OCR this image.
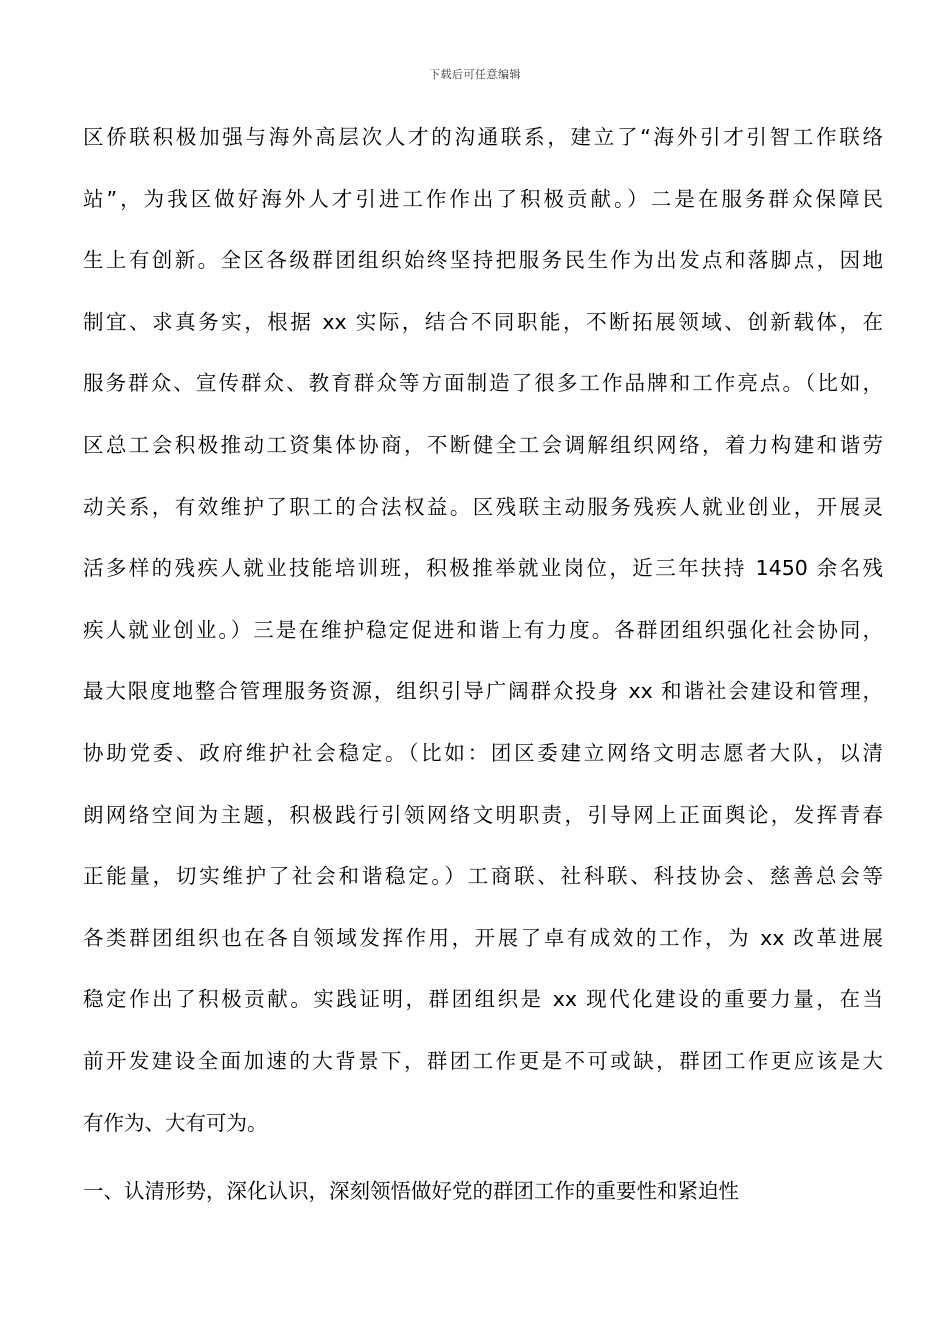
下载后可任意编辑
区侨联积极加强与海外高层次人才的沟通联系，建立了“海外引才引智工作联络
站”，为我区做好海外人才引进工作作出了积极贡献。）二是在服务群众保障民
生上有创新。全区各级群团组织始终坚持把服务民生作为出发点和落脚点，因地
制宜、求真务实，根据 xx 实际，结合不同职能，不断拓展领域、创新载体，在
服务群众、宣传群众、教育群众等方面制造了很多工作品牌和工作亮点。（比如，
区总工会积极推动工资集体协商，不断健全工会调解组织网络，着力构建和谐劳
动关系，有效维护了职工的合法权益。区残联主动服务残疾人就业创业，开展灵
活多样的残疾人就业技能培训班，积极推举就业岗位，近三年扶持 1450 余名残
疾人就业创业。）三是在维护稳定促进和谐上有力度。各群团组织强化社会协同，
最大限度地整合管理服务资源，组织引导广阔群众投身 xx 和谐社会建设和管理，
协助党委、政府维护社会稳定。（比如：团区委建立网络文明志愿者大队，以清
朗网络空间为主题，积极践行引领网络文明职责，引导网上正面舆论，发挥青春
正能量，切实维护了社会和谐稳定。）工商联、社科联、科技协会、慈善总会等
各类群团组织也在各自领域发挥作用，开展了卓有成效的工作，为 xx 改革进展
稳定作出了积极贡献。实践证明，群团组织是 xx 现代化建设的重要力量，在当
前开发建设全面加速的大背景下，群团工作更是不可或缺，群团工作更应该是大
有作为、大有可为。
一、认清形势，深化认识，深刻领悟做好党的群团工作的重要性和紧迫性
